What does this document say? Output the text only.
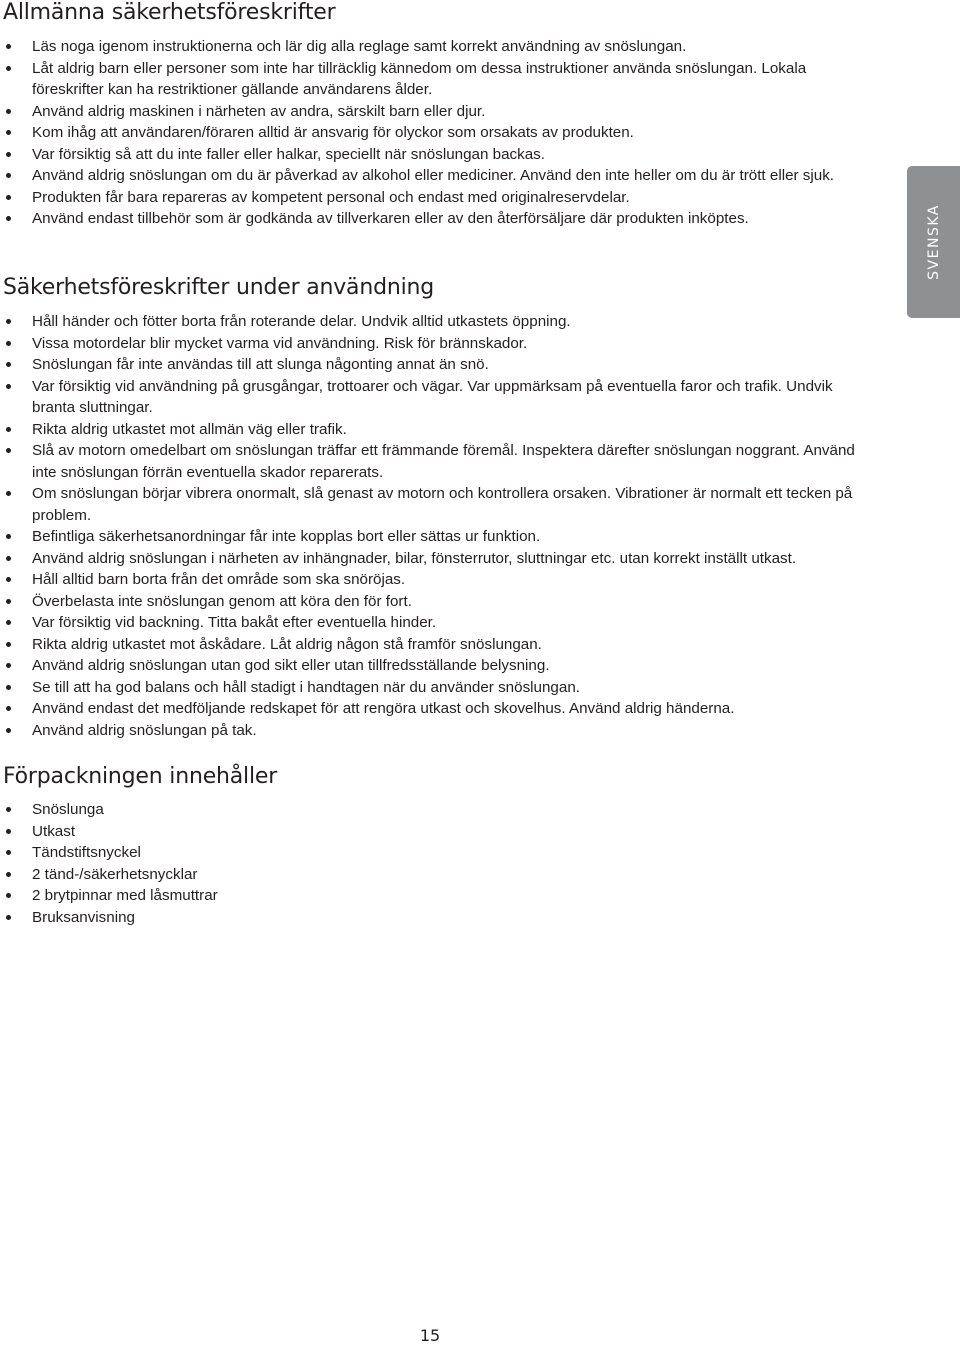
Allmänna säkerhetsföreskrifter
Läs noga igenom instruktionerna och lär dig alla reglage samt korrekt användning av snöslungan.
Låt aldrig barn eller personer som inte har tillräcklig kännedom om dessa instruktioner använda snöslungan. Lokala föreskrifter kan ha restriktioner gällande användarens ålder.
Använd aldrig maskinen i närheten av andra, särskilt barn eller djur.
Kom ihåg att användaren/föraren alltid är ansvarig för olyckor som orsakats av produkten.
Var försiktig så att du inte faller eller halkar, speciellt när snöslungan backas.
Använd aldrig snöslungan om du är påverkad av alkohol eller mediciner. Använd den inte heller om du är trött eller sjuk.
Produkten får bara repareras av kompetent personal och endast med originalreservdelar.
Använd endast tillbehör som är godkända av tillverkaren eller av den återförsäljare där produkten inköptes.
Säkerhetsföreskrifter under användning
Håll händer och fötter borta från roterande delar. Undvik alltid utkastets öppning.
Vissa motordelar blir mycket varma vid användning. Risk för brännskador.
Snöslungan får inte användas till att slunga någonting annat än snö.
Var försiktig vid användning på grusgångar, trottoarer och vägar. Var uppmärksam på eventuella faror och trafik. Undvik branta sluttningar.
Rikta aldrig utkastet mot allmän väg eller trafik.
Slå av motorn omedelbart om snöslungan träffar ett främmande föremål. Inspektera därefter snöslungan noggrant. Använd inte snöslungan förrän eventuella skador reparerats.
Om snöslungan börjar vibrera onormalt, slå genast av motorn och kontrollera orsaken. Vibrationer är normalt ett tecken på problem.
Befintliga säkerhetsanordningar får inte kopplas bort eller sättas ur funktion.
Använd aldrig snöslungan i närheten av inhängnader, bilar, fönsterrutor, sluttningar etc. utan korrekt inställt utkast.
Håll alltid barn borta från det område som ska snöröjas.
Överbelasta inte snöslungan genom att köra den för fort.
Var försiktig vid backning. Titta bakåt efter eventuella hinder.
Rikta aldrig utkastet mot åskådare. Låt aldrig någon stå framför snöslungan.
Använd aldrig snöslungan utan god sikt eller utan tillfredsställande belysning.
Se till att ha god balans och håll stadigt i handtagen när du använder snöslungan.
Använd endast det medföljande redskapet för att rengöra utkast och skovelhus. Använd aldrig händerna.
Använd aldrig snöslungan på tak.
Förpackningen innehåller
Snöslunga
Utkast
Tändstiftsnyckel
2 tänd-/säkerhetsnycklar
2 brytpinnar med låsmuttrar
Bruksanvisning
SVENSKA
15
